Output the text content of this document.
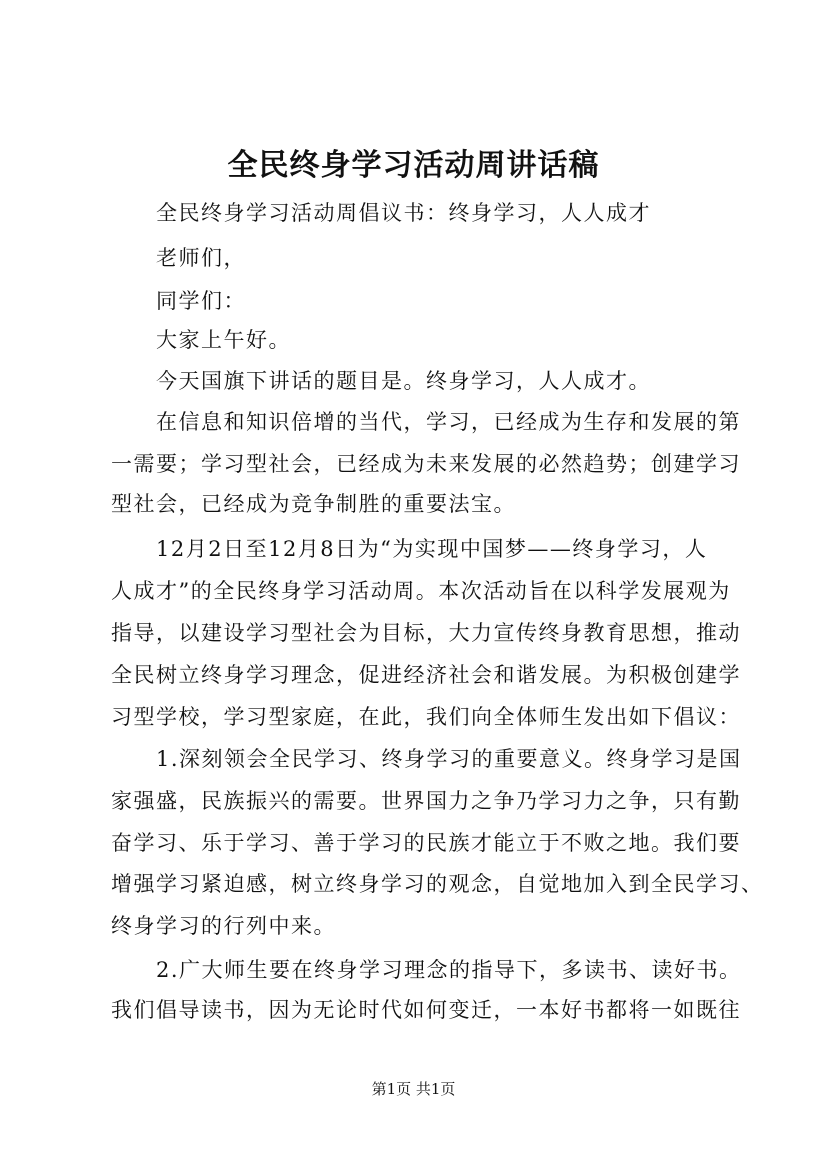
全民终身学习活动周讲话稿
全民终身学习活动周倡议书：终身学习，人人成才
老师们，
同学们：
大家上午好。
今天国旗下讲话的题目是。终身学习，人人成才。
在信息和知识倍增的当代，学习，已经成为生存和发展的第
一需要；学习型社会，已经成为未来发展的必然趋势；创建学习
型社会，已经成为竞争制胜的重要法宝。
12月2日至12月8日为“为实现中国梦——终身学习，人
人成才”的全民终身学习活动周。本次活动旨在以科学发展观为
指导，以建设学习型社会为目标，大力宣传终身教育思想，推动
全民树立终身学习理念，促进经济社会和谐发展。为积极创建学
习型学校，学习型家庭，在此，我们向全体师生发出如下倡议：
1.深刻领会全民学习、终身学习的重要意义。终身学习是国
家强盛，民族振兴的需要。世界国力之争乃学习力之争，只有勤
奋学习、乐于学习、善于学习的民族才能立于不败之地。我们要
增强学习紧迫感，树立终身学习的观念，自觉地加入到全民学习、
终身学习的行列中来。
2.广大师生要在终身学习理念的指导下，多读书、读好书。
我们倡导读书，因为无论时代如何变迁，一本好书都将一如既往
第1页 共1页
